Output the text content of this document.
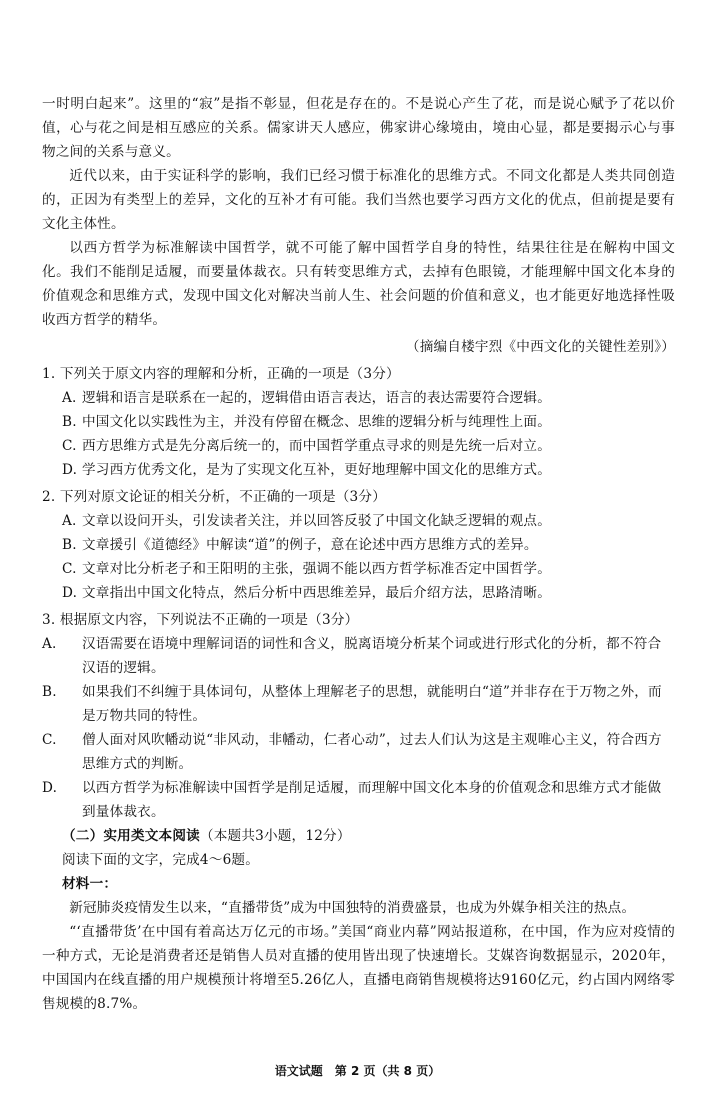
一时明白起来”。这里的“寂”是指不彰显，但花是存在的。不是说心产生了花，而是说心赋予了花以价值，心与花之间是相互感应的关系。儒家讲天人感应，佛家讲心缘境由，境由心显，都是要揭示心与事物之间的关系与意义。

近代以来，由于实证科学的影响，我们已经习惯于标准化的思维方式。不同文化都是人类共同创造的，正因为有类型上的差异，文化的互补才有可能。我们当然也要学习西方文化的优点，但前提是要有文化主体性。

以西方哲学为标准解读中国哲学，就不可能了解中国哲学自身的特性，结果往往是在解构中国文化。我们不能削足适履，而要量体裁衣。只有转变思维方式，去掉有色眼镜，才能理解中国文化本身的价值观念和思维方式，发现中国文化对解决当前人生、社会问题的价值和意义，也才能更好地选择性吸收西方哲学的精华。

（摘编自楼宇烈《中西文化的关键性差别》）

1. 下列关于原文内容的理解和分析，正确的一项是（3分）

A. 逻辑和语言是联系在一起的，逻辑借由语言表达，语言的表达需要符合逻辑。

B. 中国文化以实践性为主，并没有停留在概念、思维的逻辑分析与纯理性上面。

C. 西方思维方式是先分离后统一的，而中国哲学重点寻求的则是先统一后对立。

D. 学习西方优秀文化，是为了实现文化互补，更好地理解中国文化的思维方式。

2. 下列对原文论证的相关分析，不正确的一项是（3分）

A. 文章以设问开头，引发读者关注，并以回答反驳了中国文化缺乏逻辑的观点。

B. 文章援引《道德经》中解读“道”的例子，意在论述中西方思维方式的差异。

C. 文章对比分析老子和王阳明的主张，强调不能以西方哲学标准否定中国哲学。

D. 文章指出中国文化特点，然后分析中西思维差异，最后介绍方法，思路清晰。

3. 根据原文内容，下列说法不正确的一项是（3分）

A. 汉语需要在语境中理解词语的词性和含义，脱离语境分析某个词或进行形式化的分析，都不符合汉语的逻辑。

B. 如果我们不纠缠于具体词句，从整体上理解老子的思想，就能明白“道”并非存在于万物之外，而是万物共同的特性。

C. 僧人面对风吹幡动说“非风动，非幡动，仁者心动”，过去人们认为这是主观唯心主义，符合西方思维方式的判断。

D. 以西方哲学为标准解读中国哲学是削足适履，而理解中国文化本身的价值观念和思维方式才能做到量体裁衣。

（二）实用类文本阅读（本题共3小题，12分）

阅读下面的文字，完成4～6题。

材料一：

新冠肺炎疫情发生以来，“直播带货”成为中国独特的消费盛景，也成为外媒争相关注的热点。

“‘直播带货’在中国有着高达万亿元的市场。”美国“商业内幕”网站报道称，在中国，作为应对疫情的一种方式，无论是消费者还是销售人员对直播的使用皆出现了快速增长。艾媒咨询数据显示，2020年，中国国内在线直播的用户规模预计将增至5.26亿人，直播电商销售规模将达9160亿元，约占国内网络零售规模的8.7%。

语文试题　第 2 页（共 8 页）
